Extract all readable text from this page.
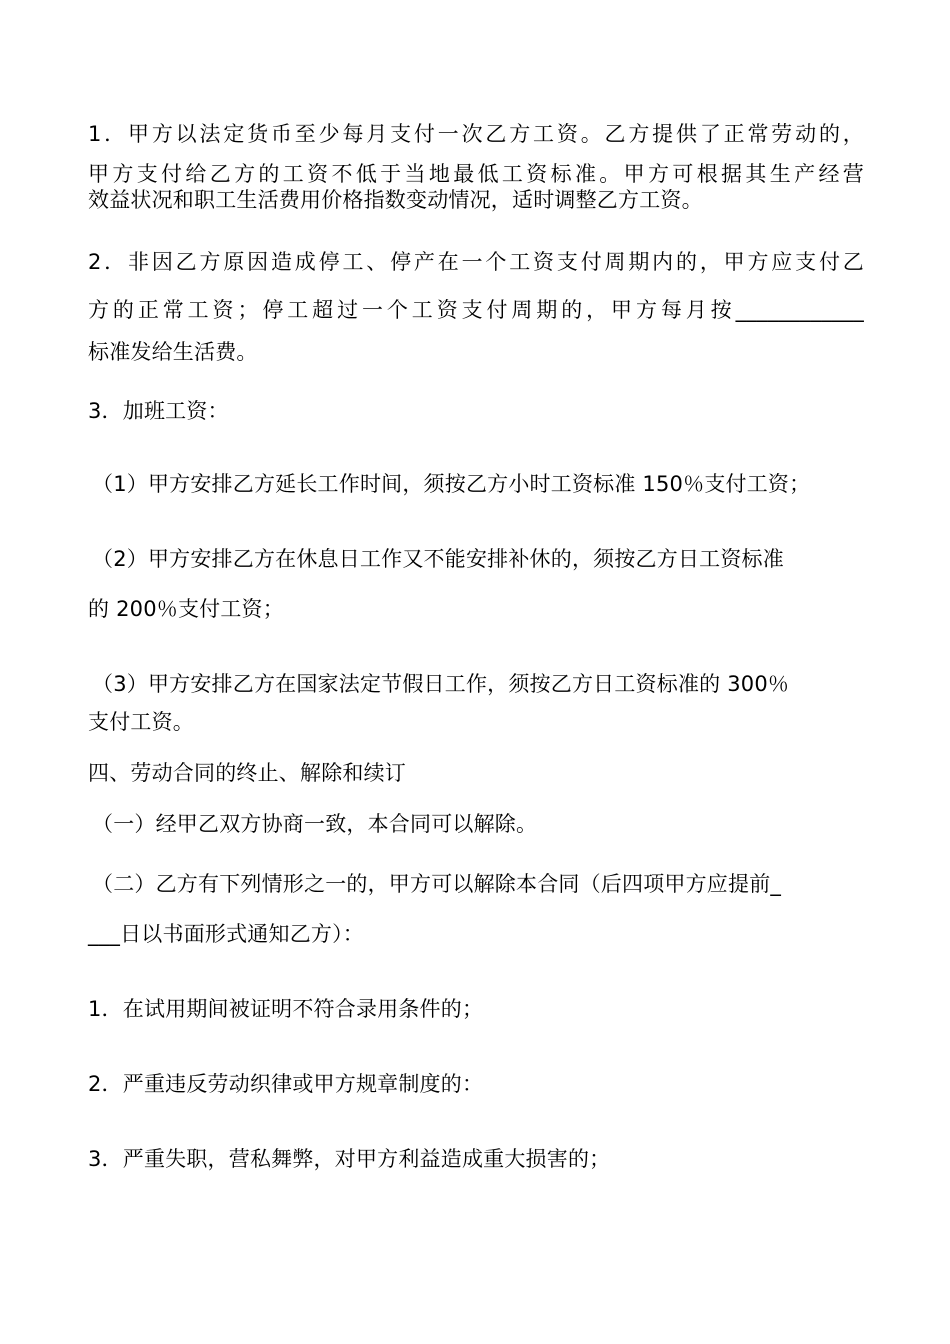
1．甲方以法定货币至少每月支付一次乙方工资。乙方提供了正常劳动的，
甲方支付给乙方的工资不低于当地最低工资标准。甲方可根据其生产经营
效益状况和职工生活费用价格指数变动情况，适时调整乙方工资。
2．非因乙方原因造成停工、停产在一个工资支付周期内的，甲方应支付乙
方的正常工资；停工超过一个工资支付周期的，甲方每月按____________
标准发给生活费。
3．加班工资：
（1）甲方安排乙方延长工作时间，须按乙方小时工资标准 150％支付工资；
（2）甲方安排乙方在休息日工作又不能安排补休的，须按乙方日工资标准
的 200％支付工资；
（3）甲方安排乙方在国家法定节假日工作，须按乙方日工资标准的 300％
支付工资。
四、劳动合同的终止、解除和续订
（一）经甲乙双方协商一致，本合同可以解除。
（二）乙方有下列情形之一的，甲方可以解除本合同（后四项甲方应提前_
___日以书面形式通知乙方）：
1．在试用期间被证明不符合录用条件的；
2．严重违反劳动织律或甲方规章制度的：
3．严重失职，营私舞弊，对甲方利益造成重大损害的；
